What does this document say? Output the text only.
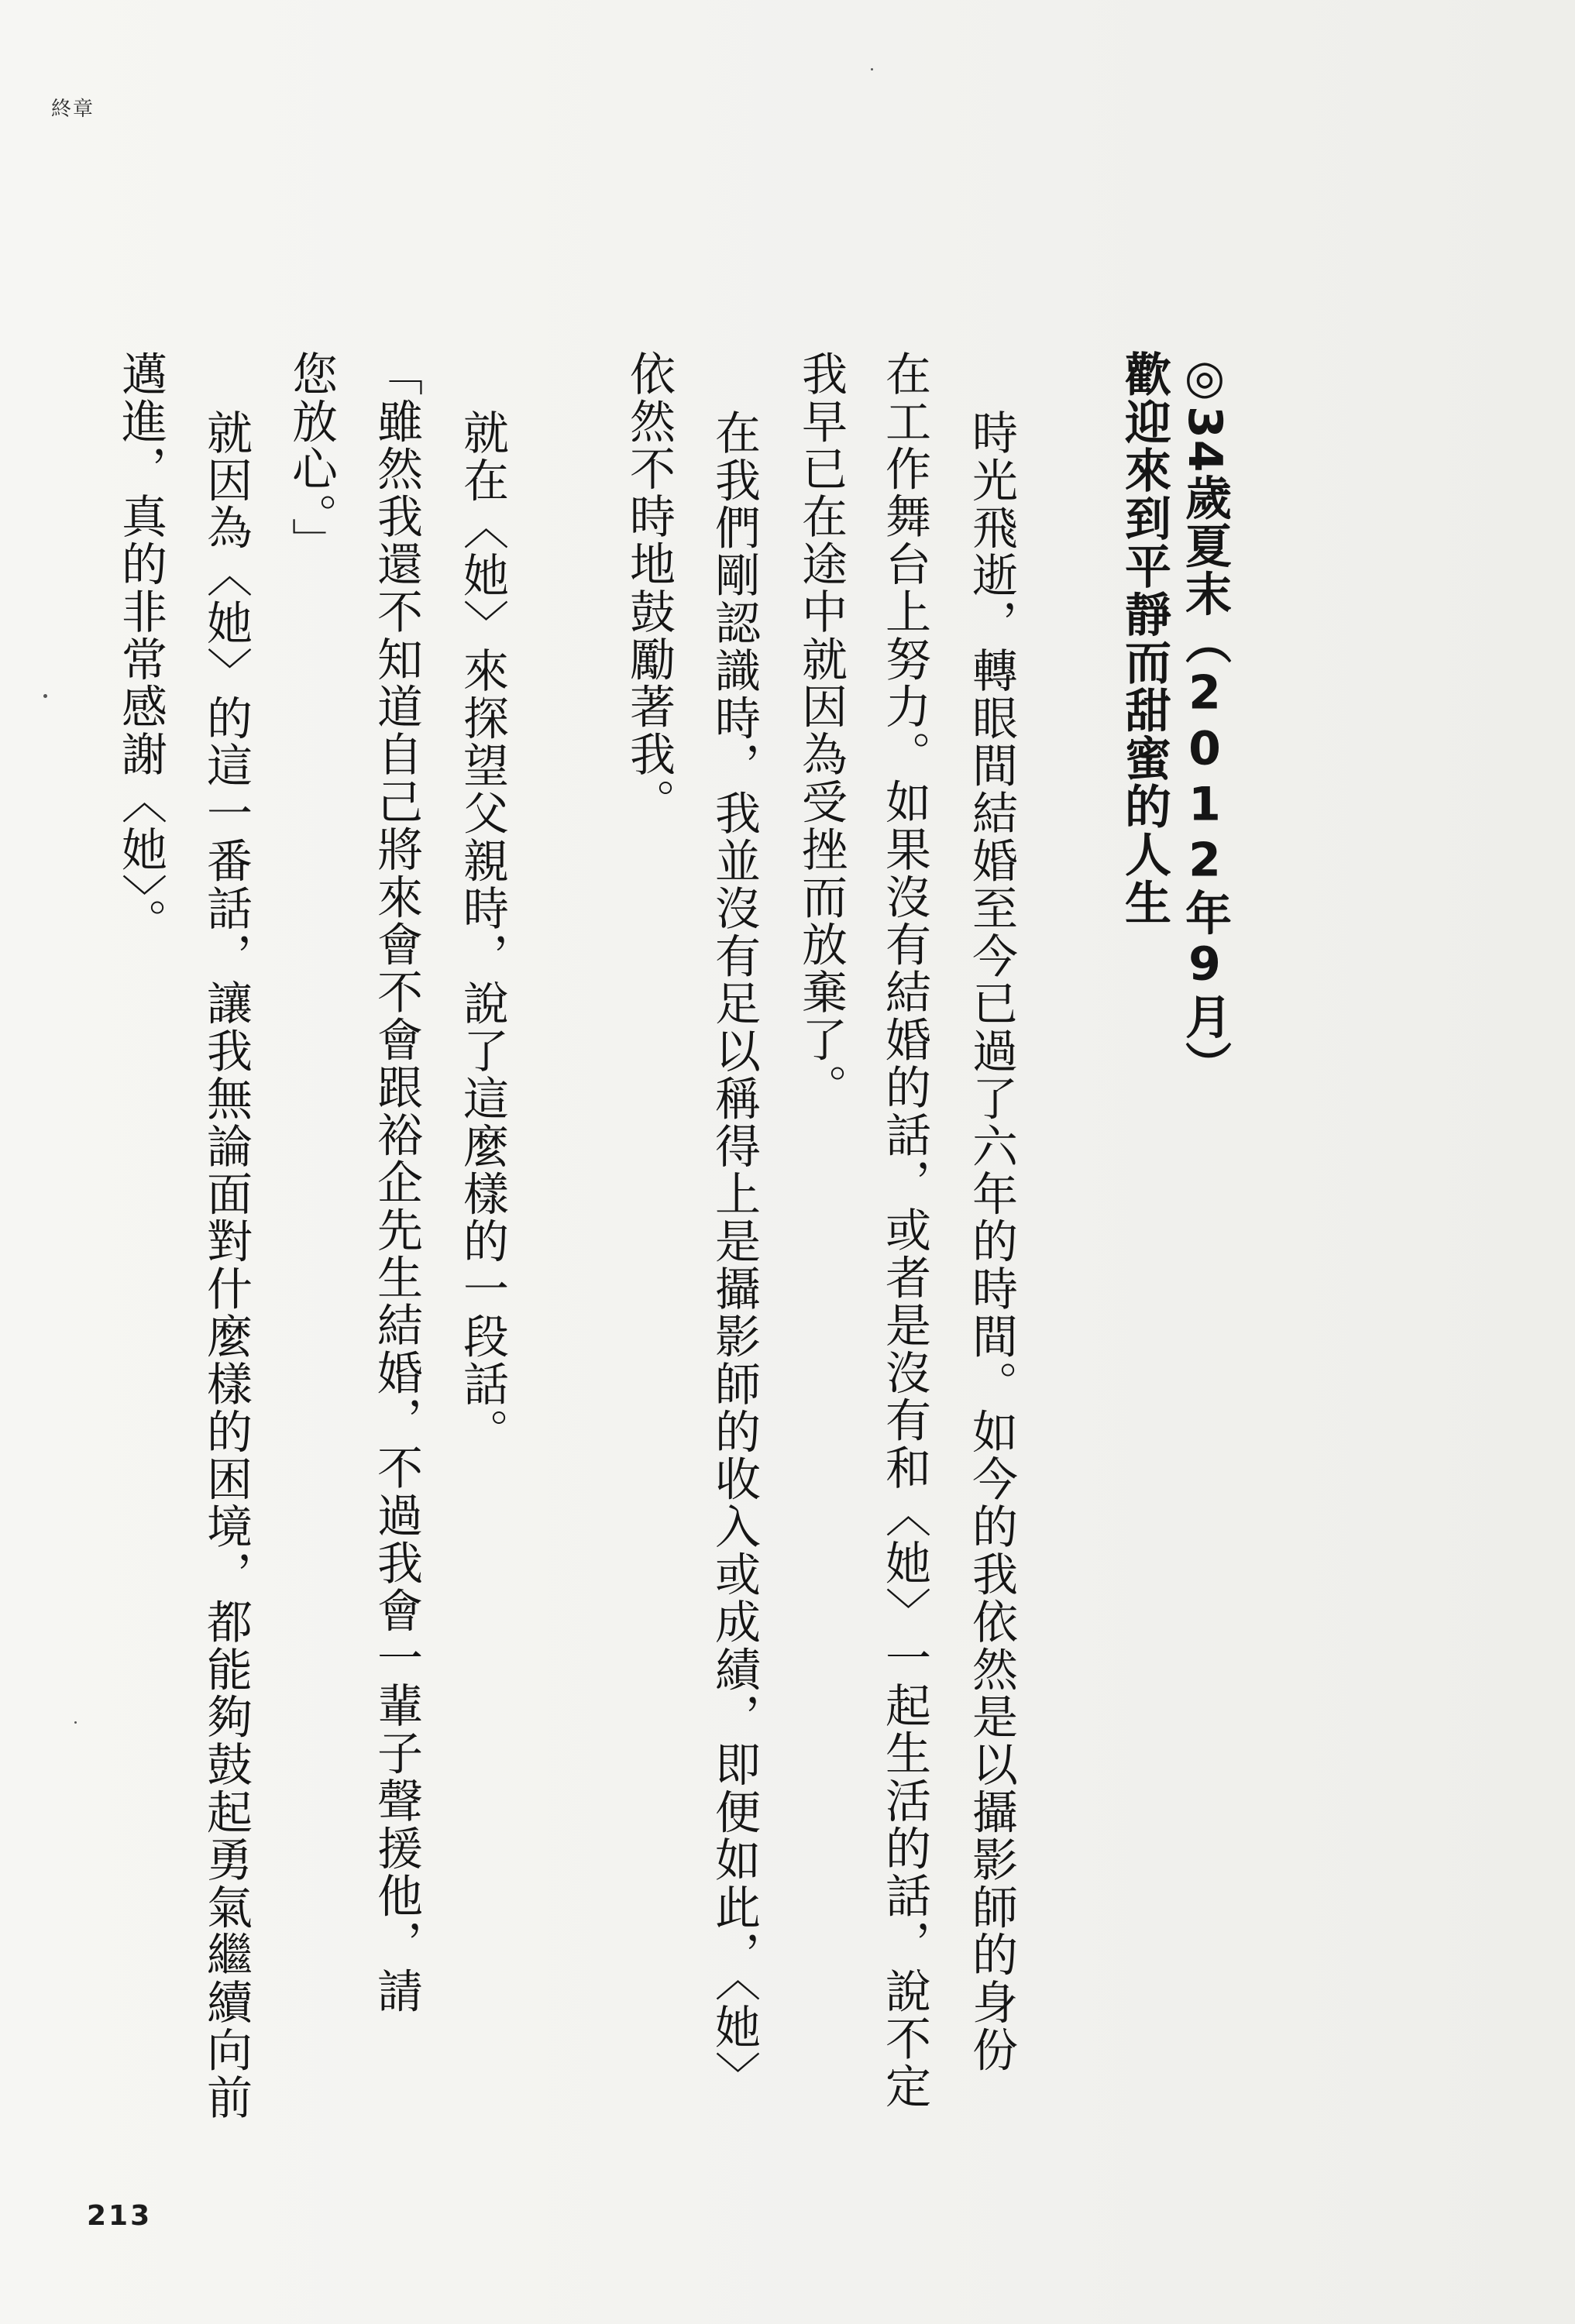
終章
◎34歲夏末（2012年9月）
歡迎來到平靜而甜蜜的人生
時光飛逝，轉眼間結婚至今已過了六年的時間。如今的我依然是以攝影師的身份
在工作舞台上努力。如果沒有結婚的話，或者是沒有和〈她〉一起生活的話，說不定
我早已在途中就因為受挫而放棄了。
在我們剛認識時，我並沒有足以稱得上是攝影師的收入或成績，即便如此，〈她〉
依然不時地鼓勵著我。
就在〈她〉來探望父親時，說了這麼樣的一段話。
「雖然我還不知道自己將來會不會跟裕企先生結婚，不過我會一輩子聲援他，請
您放心。」
就因為〈她〉的這一番話，讓我無論面對什麼樣的困境，都能夠鼓起勇氣繼續向前
邁進，真的非常感謝〈她〉。
213
